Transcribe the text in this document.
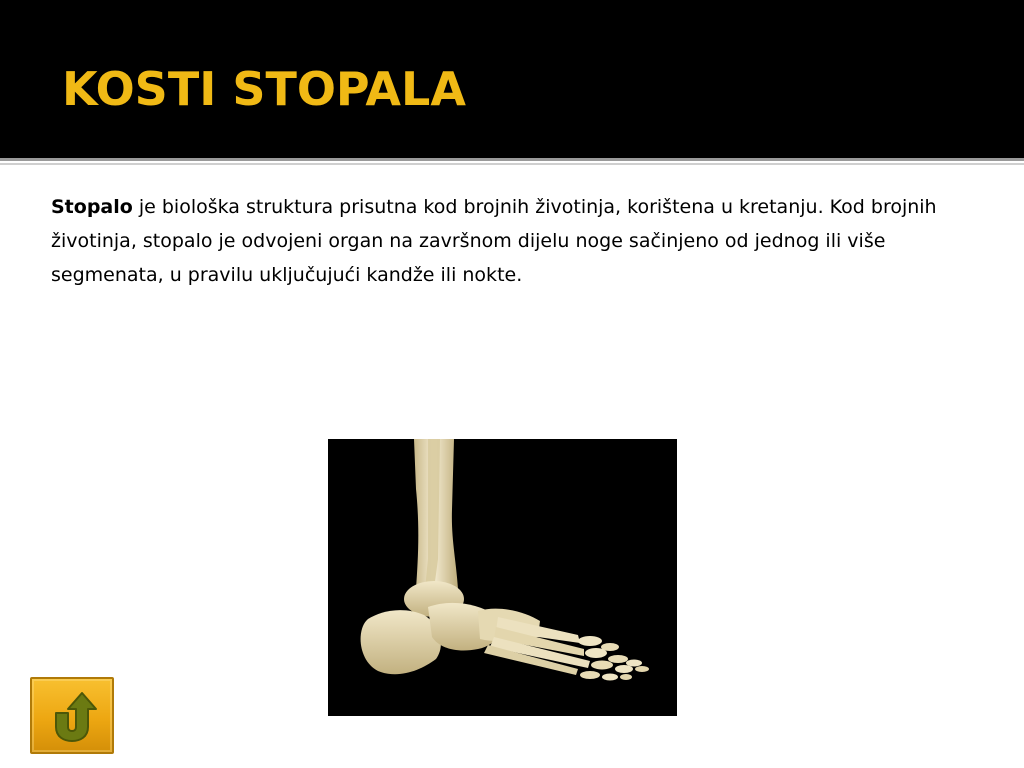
KOSTI STOPALA

Stopalo je biološka struktura prisutna kod brojnih životinja, korištena u kretanju. Kod brojnih životinja, stopalo je odvojeni organ na završnom dijelu noge sačinjeno od jednog ili više segmenata, u pravilu uključujući kandže ili nokte.
